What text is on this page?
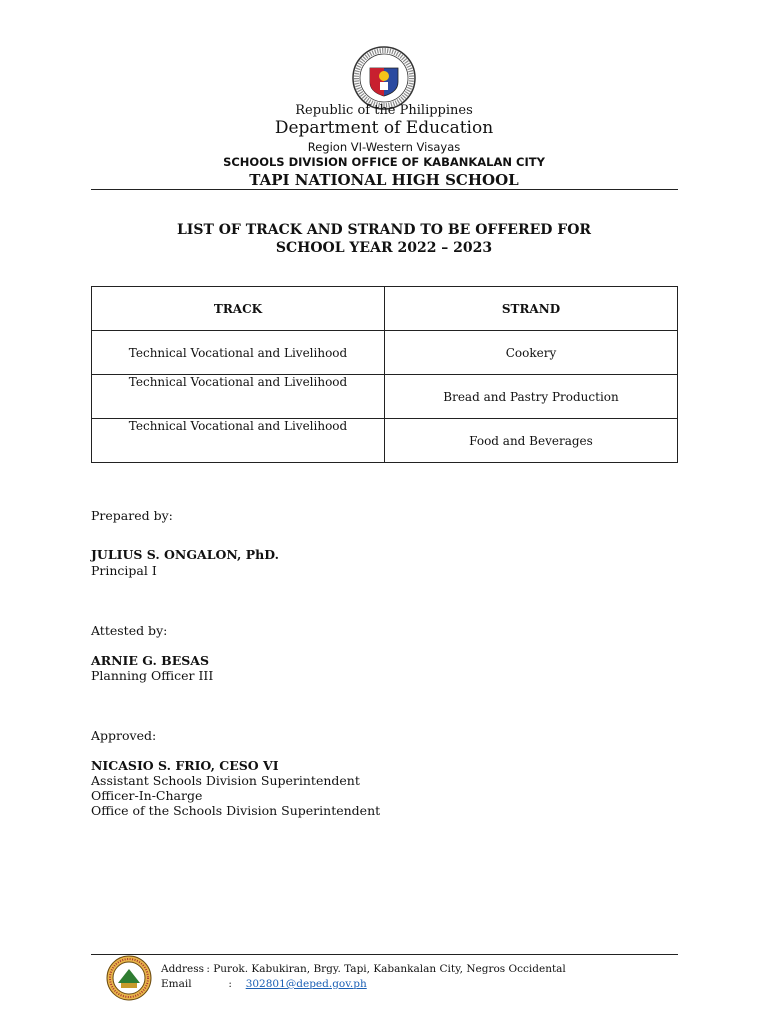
Republic of the Philippines
Department of Education
Region VI-Western Visayas
SCHOOLS DIVISION OFFICE OF KABANKALAN CITY
TAPI NATIONAL HIGH SCHOOL
LIST OF TRACK AND STRAND TO BE OFFERED FOR
SCHOOL YEAR 2022 – 2023
TRACK	STRAND
Technical Vocational and Livelihood	Cookery
Technical Vocational and Livelihood	Bread and Pastry Production
Technical Vocational and Livelihood	Food and Beverages
Prepared by:
JULIUS S. ONGALON, PhD.
Principal I
Attested by:
ARNIE G. BESAS
Planning Officer III
Approved:
NICASIO S. FRIO, CESO VI
Assistant Schools Division Superintendent
Officer-In-Charge
Office of the Schools Division Superintendent
Address : Purok. Kabukiran, Brgy. Tapi, Kabankalan City, Negros Occidental
Email	: 302801@deped.gov.ph
